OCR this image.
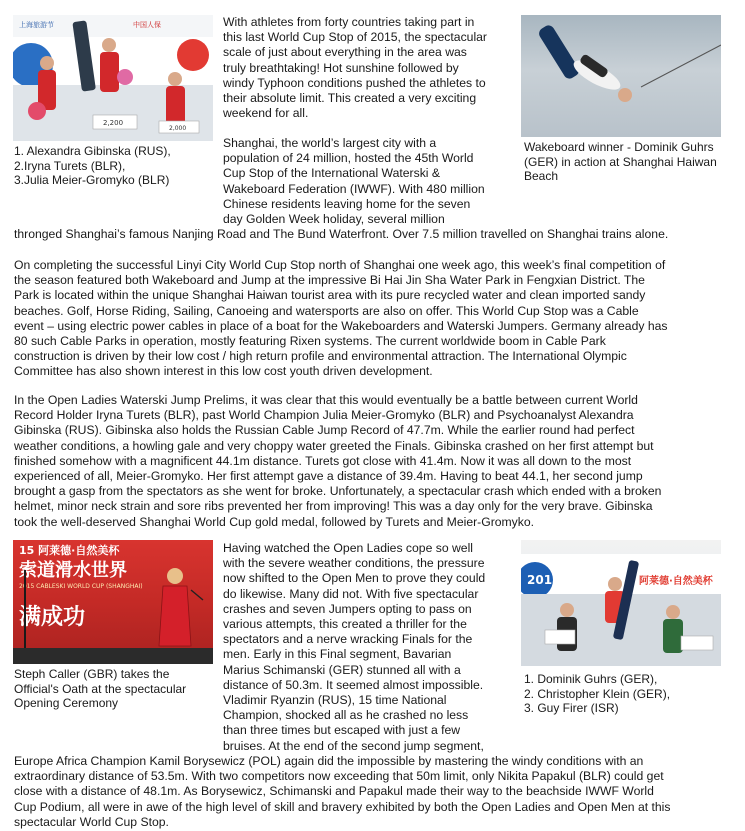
上海旅游节	中国人保
2,200
2,000
1. Alexandra Gibinska (RUS),
2.Iryna Turets (BLR),
3.Julia Meier-Gromyko (BLR)
Wakeboard winner - Dominik Guhrs
(GER) in action at Shanghai Haiwan
Beach
With athletes from forty countries taking part in
this last World Cup Stop of 2015, the spectacular
scale of just about everything in the area was
truly breathtaking! Hot sunshine followed by
windy Typhoon conditions pushed the athletes to
their absolute limit. This created a very exciting
weekend for all.
Shanghai, the world’s largest city with a
population of 24 million, hosted the 45th World
Cup Stop of the International Waterski &
Wakeboard Federation (IWWF). With 480 million
Chinese residents leaving home for the seven
day Golden Week holiday, several million
thronged Shanghai’s famous Nanjing Road and The Bund Waterfront. Over 7.5 million travelled on Shanghai trains alone.
On completing the successful Linyi City World Cup Stop north of Shanghai one week ago, this week’s final competition of
the season featured both Wakeboard and Jump at the impressive Bi Hai Jin Sha Water Park in Fengxian District. The
Park is located within the unique Shanghai Haiwan tourist area with its pure recycled water and clean imported sandy
beaches. Golf, Horse Riding, Sailing, Canoeing and watersports are also on offer. This World Cup Stop was a Cable
event – using electric power cables in place of a boat for the Wakeboarders and Waterski Jumpers. Germany already has
80 such Cable Parks in operation, mostly featuring Rixen systems. The current worldwide boom in Cable Park
construction is driven by their low cost / high return profile and environmental attraction. The International Olympic
Committee has also shown interest in this low cost youth driven development.
In the Open Ladies Waterski Jump Prelims, it was clear that this would eventually be a battle between current World
Record Holder Iryna Turets (BLR), past World Champion Julia Meier-Gromyko (BLR) and Psychoanalyst Alexandra
Gibinska (RUS). Gibinska also holds the Russian Cable Jump Record of 47.7m. While the earlier round had perfect
weather conditions, a howling gale and very choppy water greeted the Finals. Gibinska crashed on her first attempt but
finished somehow with a magnificent 44.1m distance. Turets got close with 41.4m. Now it was all down to the most
experienced of all, Meier-Gromyko. Her first attempt gave a distance of 39.4m. Having to beat 44.1, her second jump
brought a gasp from the spectators as she went for broke. Unfortunately, a spectacular crash which ended with a broken
helmet, minor neck strain and sore ribs prevented her from improving! This was a day only for the very brave. Gibinska
took the well-deserved Shanghai World Cup gold medal, followed by Turets and Meier-Gromyko.
15 阿莱德·自然美杯
索道滑水世界
2015 CABLESKI WORLD CUP (SHANGHAI)
满成功
Steph Caller (GBR) takes the
Official's Oath at the spectacular
Opening Ceremony
2015	阿莱德·自然美杯
1. Dominik Guhrs (GER),
2. Christopher Klein (GER),
3. Guy Firer (ISR)
Having watched the Open Ladies cope so well
with the severe weather conditions, the pressure
now shifted to the Open Men to prove they could
do likewise. Many did not. With five spectacular
crashes and seven Jumpers opting to pass on
various attempts, this created a thriller for the
spectators and a nerve wracking Finals for the
men. Early in this Final segment, Bavarian
Marius Schimanski (GER) stunned all with a
distance of 50.3m. It seemed almost impossible.
Vladimir Ryanzin (RUS), 15 time National
Champion, shocked all as he crashed no less
than three times but escaped with just a few
bruises. At the end of the second jump segment,
Europe Africa Champion Kamil Borysewicz (POL) again did the impossible by mastering the windy conditions with an
extraordinary distance of 53.5m. With two competitors now exceeding that 50m limit, only Nikita Papakul (BLR) could get
close with a distance of 48.1m. As Borysewicz, Schimanski and Papakul made their way to the beachside IWWF World
Cup Podium, all were in awe of the high level of skill and bravery exhibited by both the Open Ladies and Open Men at this
spectacular World Cup Stop.
